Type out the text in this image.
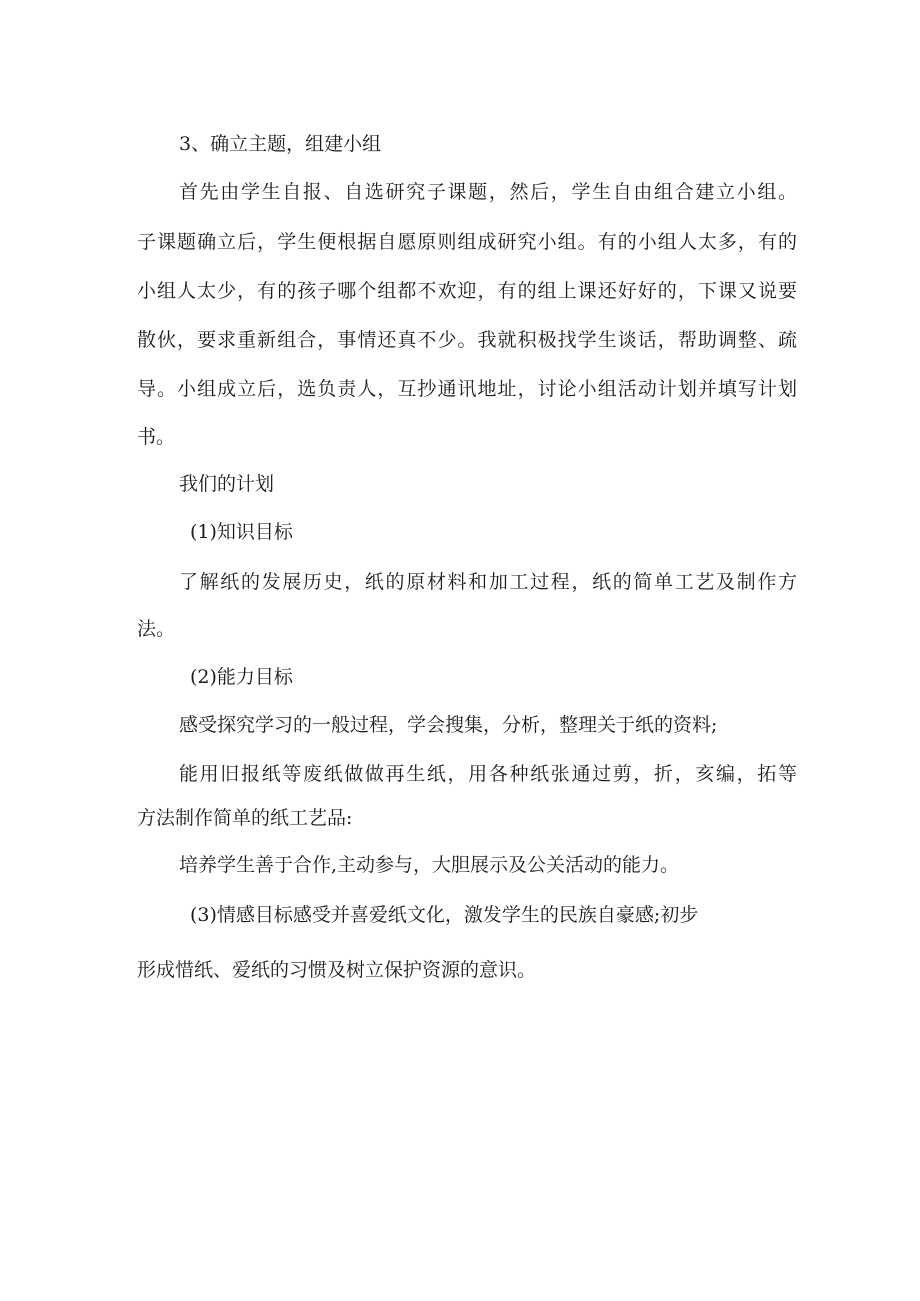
3、确立主题，组建小组
首先由学生自报、自选研究子课题，然后，学生自由组合建立小组。
子课题确立后，学生便根据自愿原则组成研究小组。有的小组人太多，有的
小组人太少，有的孩子哪个组都不欢迎，有的组上课还好好的，下课又说要
散伙，要求重新组合，事情还真不少。我就积极找学生谈话，帮助调整、疏
导。小组成立后，选负责人，互抄通讯地址，讨论小组活动计划并填写计划
书。
我们的计划
(1)知识目标
了解纸的发展历史，纸的原材料和加工过程，纸的简单工艺及制作方
法。
(2)能力目标
感受探究学习的一般过程，学会搜集，分析，整理关于纸的资料;
能用旧报纸等废纸做做再生纸，用各种纸张通过剪，折，亥编，拓等
方法制作简单的纸工艺品:
培养学生善于合作,主动参与，大胆展示及公关活动的能力。
(3)情感目标感受并喜爱纸文化，激发学生的民族自豪感;初步
形成惜纸、爱纸的习惯及树立保护资源的意识。
